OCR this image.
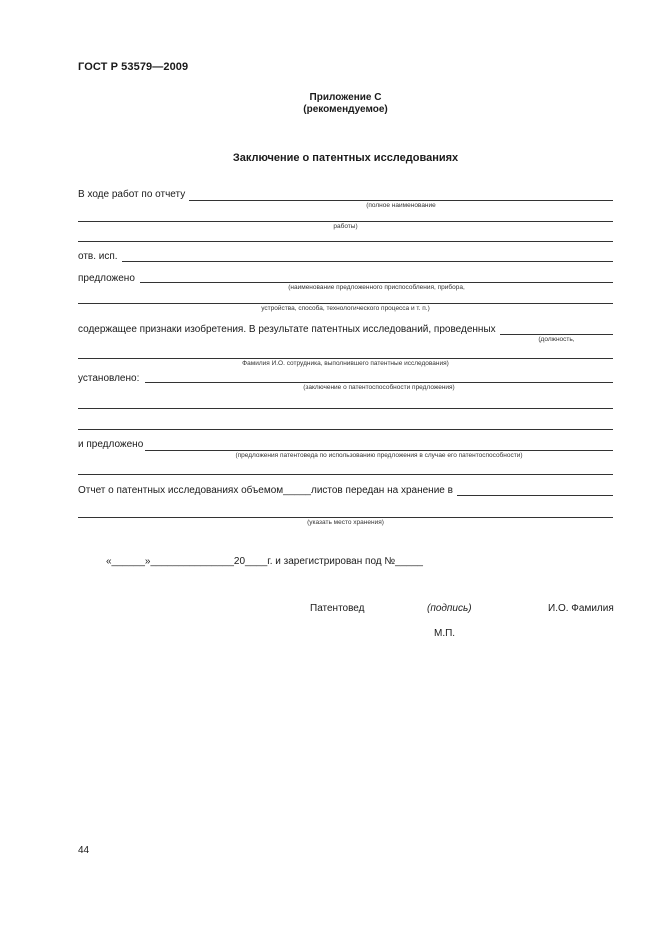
ГОСТ Р 53579—2009
Приложение С
(рекомендуемое)
Заключение о патентных исследованиях
В ходе работ по отчету
(полное наименование
работы)
отв. исп.
предложено
(наименование предложенного приспособления, прибора,
устройства, способа, технологического процесса и т. п.)
содержащее признаки изобретения. В результате патентных исследований, проведенных
(должность,
Фамилия И.О. сотрудника, выполнившего патентные исследования)
установлено:
(заключение о патентоспособности предложения)
и предложено
(предложения патентоведа по использованию предложения в случае его патентоспособности)
Отчет о патентных исследованиях объемом_____листов передан на хранение в
(указать место хранения)
«______»_______________20____г. и зарегистрирован под №_____
Патентовед	(подпись)	И.О. Фамилия
М.П.
44
